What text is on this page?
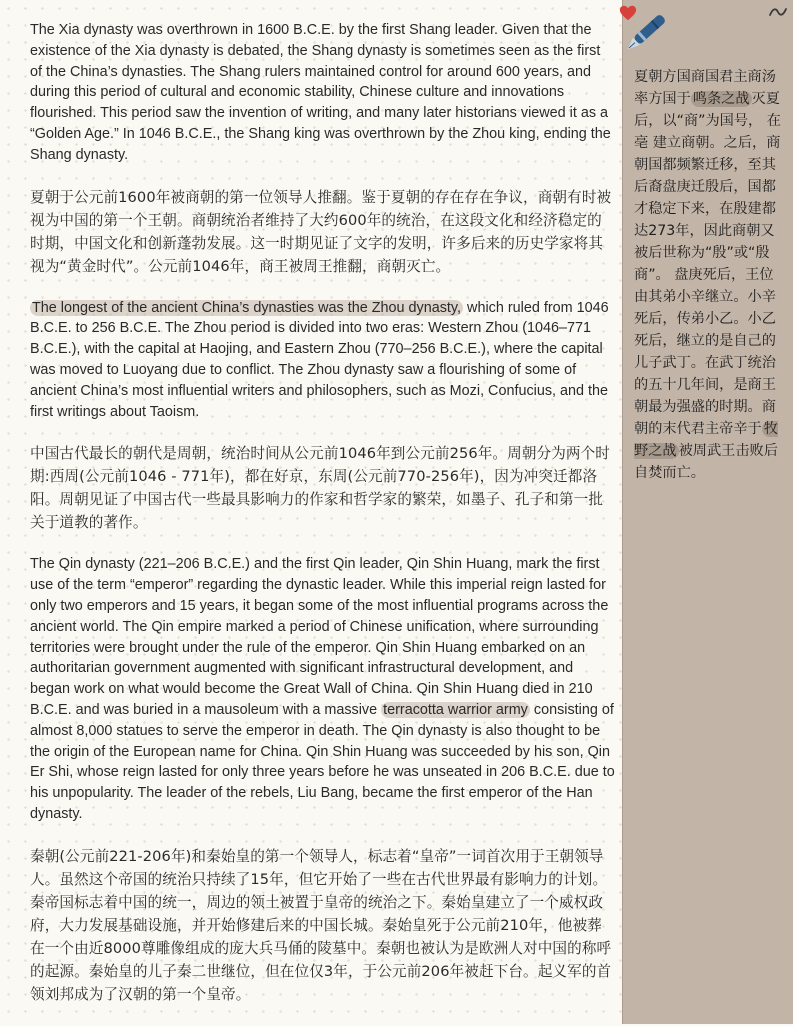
The Xia dynasty was overthrown in 1600 B.C.E. by the first Shang leader. Given that the existence of the Xia dynasty is debated, the Shang dynasty is sometimes seen as the first of the China’s dynasties. The Shang rulers maintained control for around 600 years, and during this period of cultural and economic stability, Chinese culture and innovations flourished. This period saw the invention of writing, and many later historians viewed it as a “Golden Age.” In 1046 B.C.E., the Shang king was overthrown by the Zhou king, ending the Shang dynasty.

夏朝于公元前1600年被商朝的第一位领导人推翻。鉴于夏朝的存在存在争议，商朝有时被视为中国的第一个王朝。商朝统治者维持了大约600年的统治，在这段文化和经济稳定的时期，中国文化和创新蓬勃发展。这一时期见证了文字的发明，许多后来的历史学家将其视为“黄金时代”。公元前1046年，商王被周王推翻，商朝灭亡。

The longest of the ancient China’s dynasties was the Zhou dynasty, which ruled from 1046 B.C.E. to 256 B.C.E. The Zhou period is divided into two eras: Western Zhou (1046–771 B.C.E.), with the capital at Haojing, and Eastern Zhou (770–256 B.C.E.), where the capital was moved to Luoyang due to conflict. The Zhou dynasty saw a flourishing of some of ancient China’s most influential writers and philosophers, such as Mozi, Confucius, and the first writings about Taoism.

中国古代最长的朝代是周朝，统治时间从公元前1046年到公元前256年。周朝分为两个时期:西周(公元前1046 - 771年)，都在好京，东周(公元前770-256年)，因为冲突迁都洛阳。周朝见证了中国古代一些最具影响力的作家和哲学家的繁荣，如墨子、孔子和第一批关于道教的著作。

The Qin dynasty (221–206 B.C.E.) and the first Qin leader, Qin Shin Huang, mark the first use of the term “emperor” regarding the dynastic leader. While this imperial reign lasted for only two emperors and 15 years, it began some of the most influential programs across the ancient world. The Qin empire marked a period of Chinese unification, where surrounding territories were brought under the rule of the emperor. Qin Shin Huang embarked on an authoritarian government augmented with significant infrastructural development, and began work on what would become the Great Wall of China. Qin Shin Huang died in 210 B.C.E. and was buried in a mausoleum with a massive terracotta warrior army consisting of almost 8,000 statues to serve the emperor in death. The Qin dynasty is also thought to be the origin of the European name for China. Qin Shin Huang was succeeded by his son, Qin Er Shi, whose reign lasted for only three years before he was unseated in 206 B.C.E. due to his unpopularity. The leader of the rebels, Liu Bang, became the first emperor of the Han dynasty.

秦朝(公元前221-206年)和秦始皇的第一个领导人，标志着“皇帝”一词首次用于王朝领导人。虽然这个帝国的统治只持续了15年，但它开始了一些在古代世界最有影响力的计划。秦帝国标志着中国的统一，周边的领土被置于皇帝的统治之下。秦始皇建立了一个威权政府，大力发展基础设施，并开始修建后来的中国长城。秦始皇死于公元前210年，他被葬在一个由近8000尊雕像组成的庞大兵马俑的陵墓中。秦朝也被认为是欧洲人对中国的称呼的起源。秦始皇的儿子秦二世继位，但在位仅3年，于公元前206年被赶下台。起义军的首领刘邦成为了汉朝的第一个皇帝。

夏朝方国商国君主商汤率方国于 鸣条之战 灭夏后，以“商”为国号， 在亳 建立商朝。之后，商朝国都频繁迁移，至其后裔盘庚迁殷后，国都才稳定下来，在殷建都达273年，因此商朝又被后世称为“殷”或“殷商”。 盘庚死后，王位由其弟小辛继立。小辛死后，传弟小乙。小乙死后，继立的是自己的儿子武丁。在武丁统治的五十几年间，是商王朝最为强盛的时期。商朝的末代君主帝辛于 牧野之战 被周武王击败后自焚而亡。
